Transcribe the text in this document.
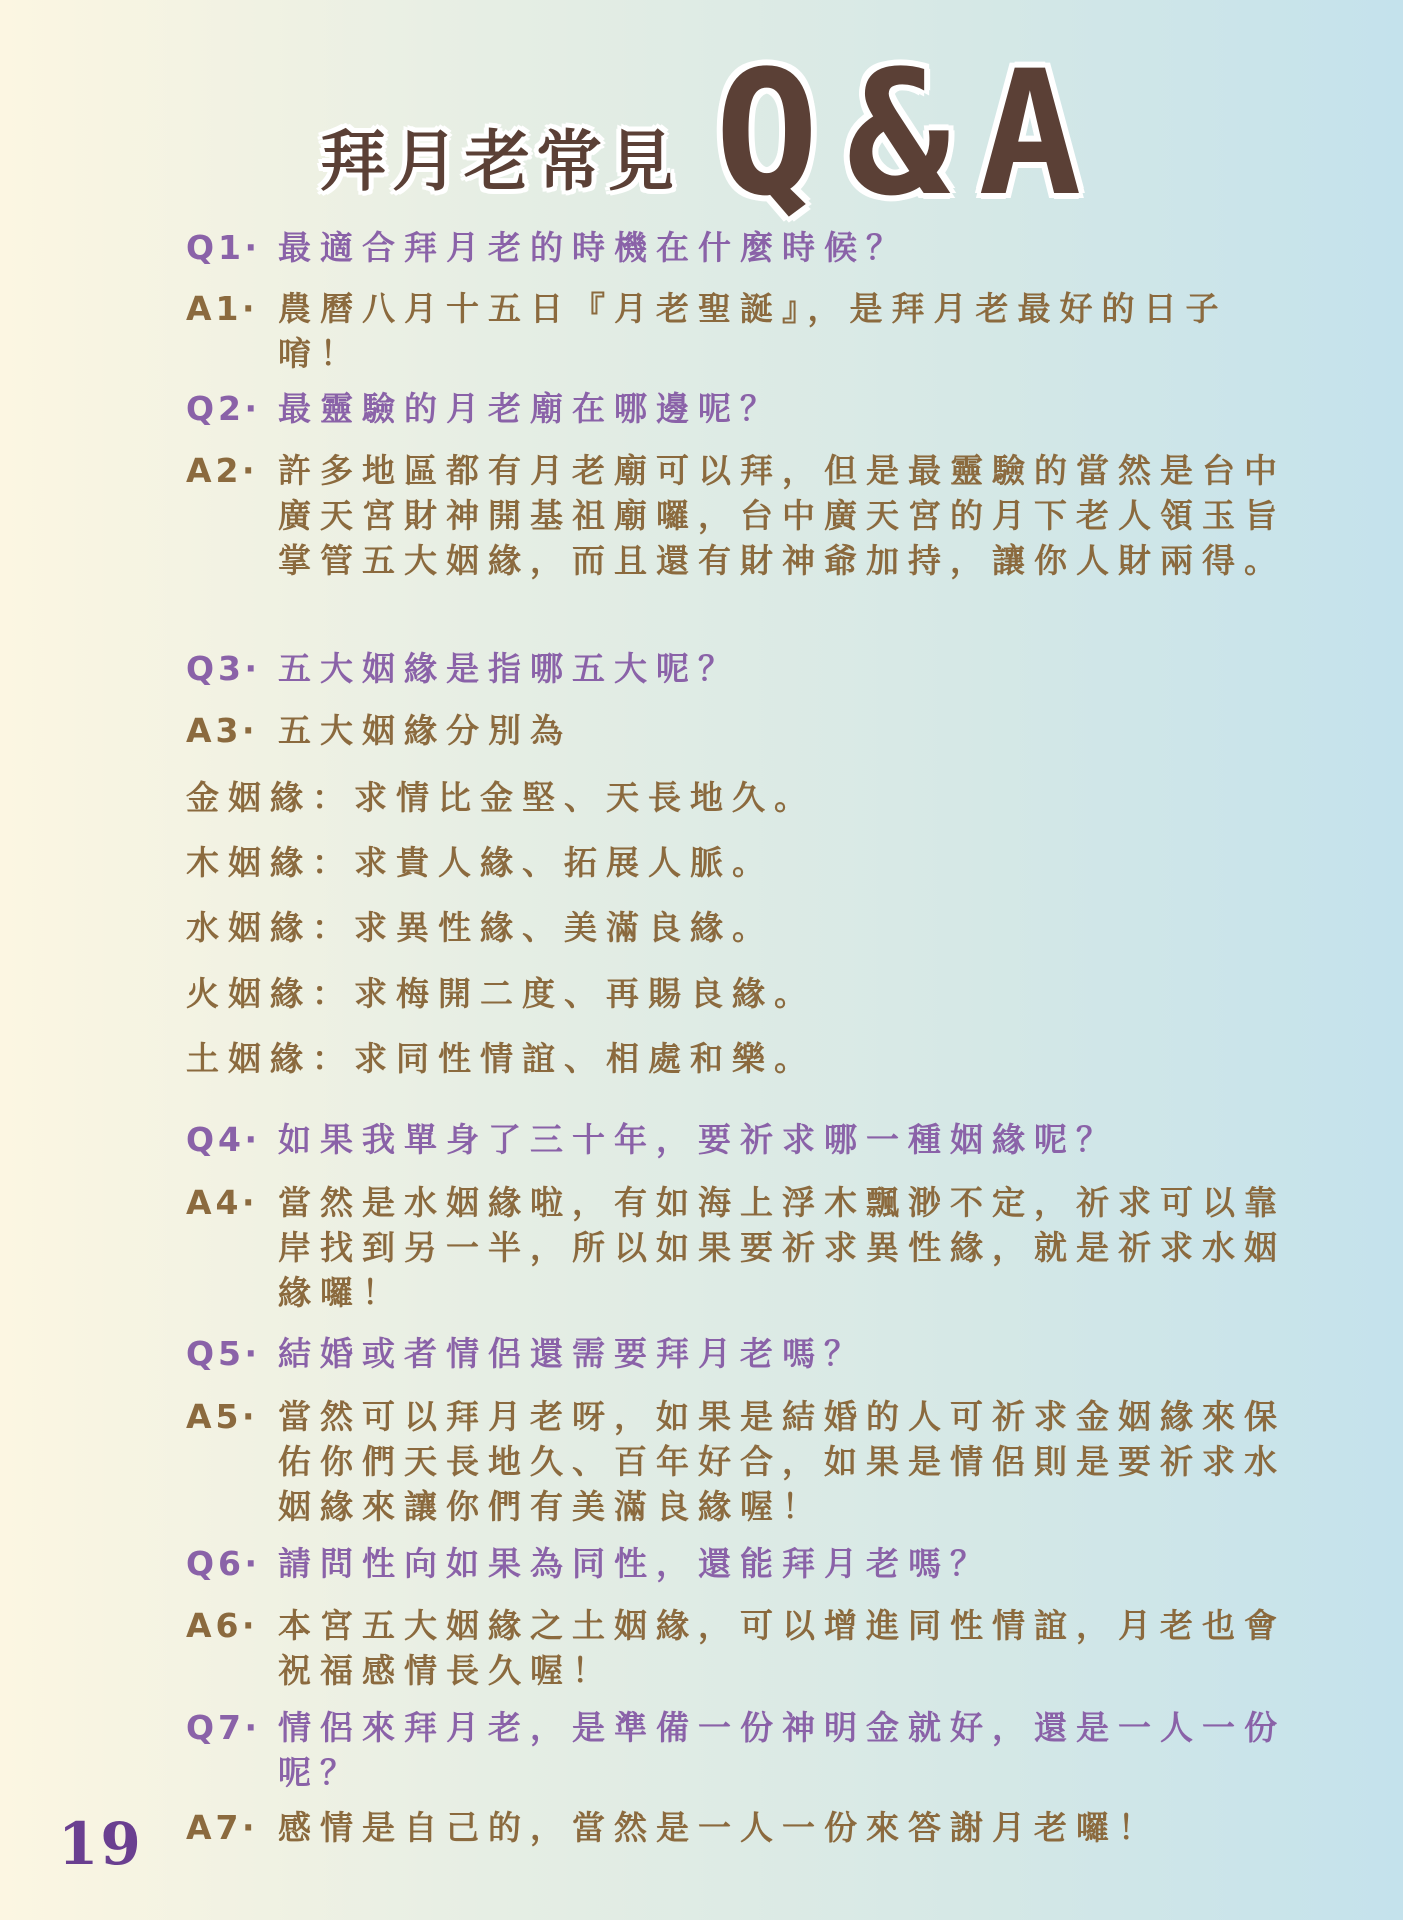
拜月老常見 Q&A
Q1‧ 最適合拜月老的時機在什麼時候？
A1‧ 農曆八月十五日『月老聖誕』，是拜月老最好的日子唷！
Q2‧ 最靈驗的月老廟在哪邊呢？
A2‧ 許多地區都有月老廟可以拜，但是最靈驗的當然是台中廣天宮財神開基祖廟囉，台中廣天宮的月下老人領玉旨掌管五大姻緣，而且還有財神爺加持，讓你人財兩得。
Q3‧ 五大姻緣是指哪五大呢？
A3‧ 五大姻緣分別為
金姻緣：求情比金堅、天長地久。
木姻緣：求貴人緣、拓展人脈。
水姻緣：求異性緣、美滿良緣。
火姻緣：求梅開二度、再賜良緣。
土姻緣：求同性情誼、相處和樂。
Q4‧ 如果我單身了三十年，要祈求哪一種姻緣呢？
A4‧ 當然是水姻緣啦，有如海上浮木飄渺不定，祈求可以靠岸找到另一半，所以如果要祈求異性緣，就是祈求水姻緣囉！
Q5‧ 結婚或者情侶還需要拜月老嗎？
A5‧ 當然可以拜月老呀，如果是結婚的人可祈求金姻緣來保佑你們天長地久、百年好合，如果是情侶則是要祈求水姻緣來讓你們有美滿良緣喔！
Q6‧ 請問性向如果為同性，還能拜月老嗎？
A6‧ 本宮五大姻緣之土姻緣，可以增進同性情誼，月老也會祝福感情長久喔！
Q7‧ 情侶來拜月老，是準備一份神明金就好，還是一人一份呢？
A7‧ 感情是自己的，當然是一人一份來答謝月老囉！
19
